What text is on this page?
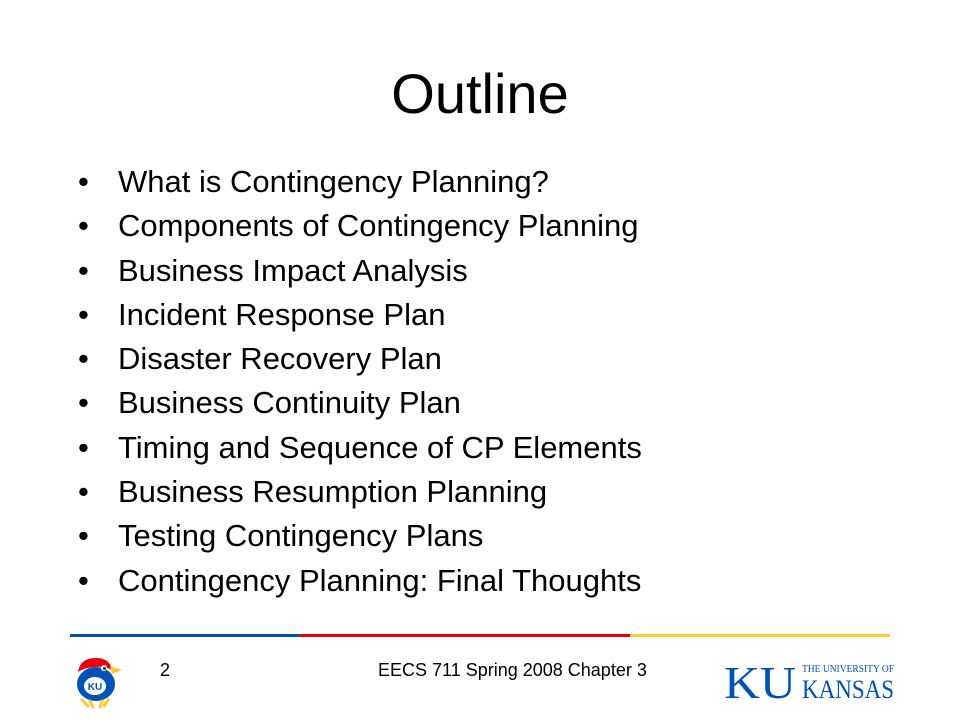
Outline
• What is Contingency Planning?
• Components of Contingency Planning
• Business Impact Analysis
• Incident Response Plan
• Disaster Recovery Plan
• Business Continuity Plan
• Timing and Sequence of CP Elements
• Business Resumption Planning
• Testing Contingency Plans
• Contingency Planning: Final Thoughts
KU
2	EECS 711 Spring 2008 Chapter 3 KU THE UNIVERSITY OF
KANSAS
